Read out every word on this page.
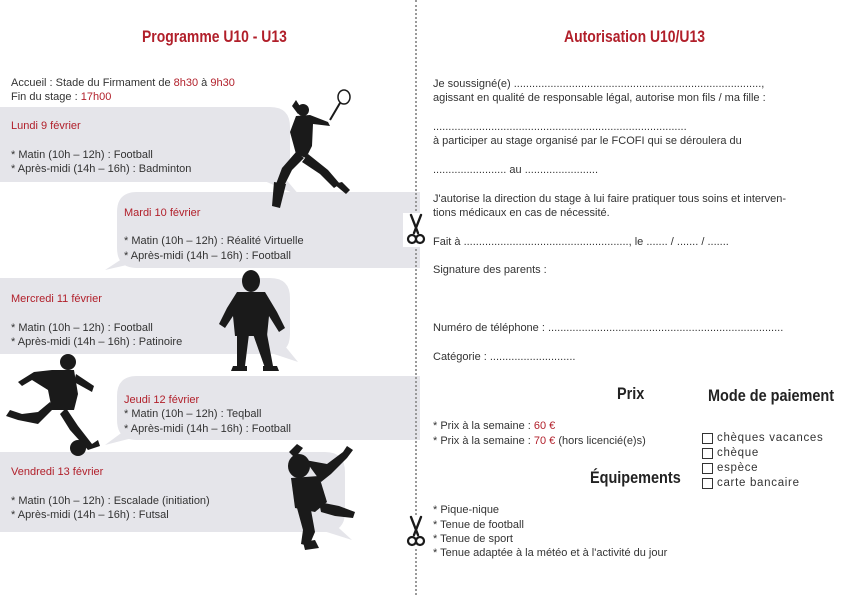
Programme U10 - U13
Accueil : Stade du Firmament de 8h30 à 9h30
Fin du stage : 17h00
Lundi 9 février
* Matin (10h – 12h) : Football
* Après-midi (14h – 16h) : Badminton
Mardi 10 février
* Matin (10h – 12h) : Réalité Virtuelle
* Après-midi (14h – 16h) : Football
Mercredi 11 février
* Matin (10h – 12h) : Football
* Après-midi (14h – 16h) : Patinoire
Jeudi 12 février
* Matin (10h – 12h) : Teqball
* Après-midi (14h – 16h) : Football
Vendredi 13 février
* Matin (10h – 12h) : Escalade (initiation)
* Après-midi (14h – 16h) : Futsal
Autorisation U10/U13
Je soussigné(e) .................................................................................,
agissant en qualité de responsable légal, autorise mon fils / ma fille :
...................................................................................
à participer au stage organisé par le FCOFI qui se déroulera du
........................ au ........................
J'autorise la direction du stage à lui faire pratiquer tous soins et interven-
tions médicaux en cas de nécessité.
Fait à ......................................................, le ....... / ....... / .......
Signature des parents :
Numéro de téléphone : .............................................................................
Catégorie : ............................
Prix	Mode de paiement
* Prix à la semaine : 60 €
* Prix à la semaine : 70 € (hors licencié(e)s)	chèques vacances
chèque
espèce
carte bancaire
Équipements
* Pique-nique
* Tenue de football
* Tenue de sport
* Tenue adaptée à la météo et à l'activité du jour
